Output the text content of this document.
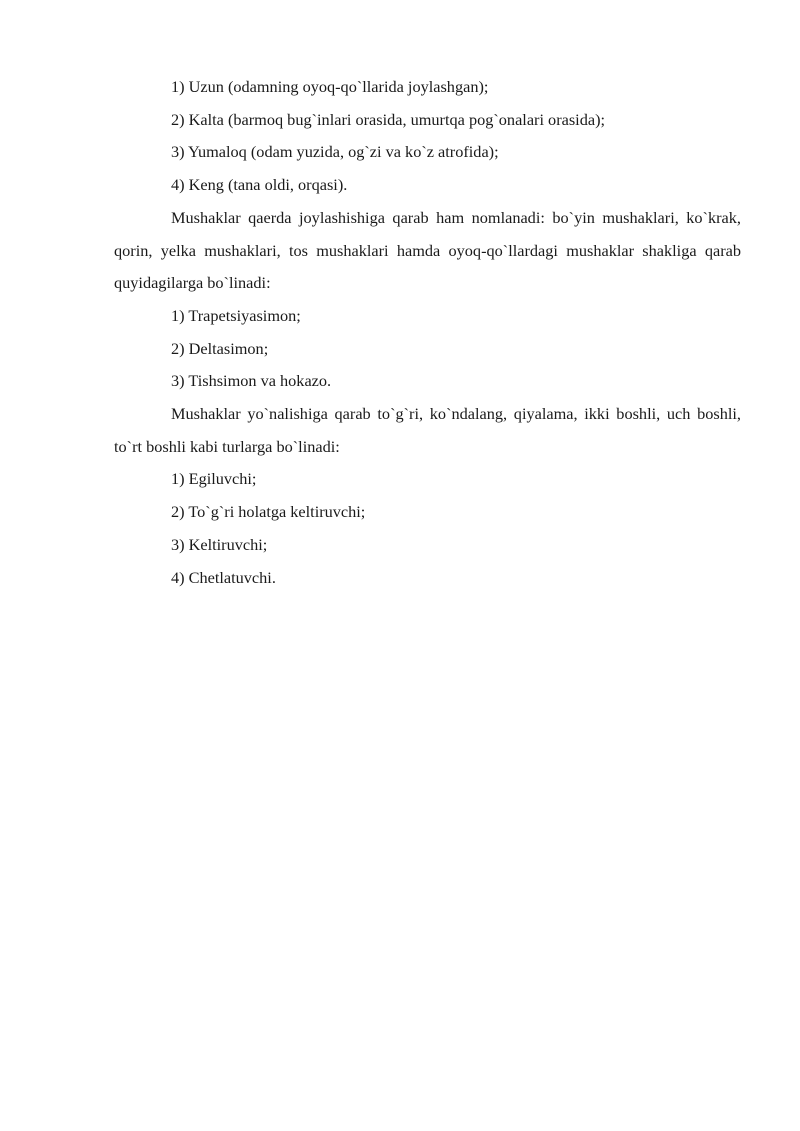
1) Uzun (odamning oyoq-qo`llarida joylashgan);

2) Kalta (barmoq bug`inlari orasida, umurtqa pog`onalari orasida);

3) Yumaloq (odam yuzida, og`zi va ko`z atrofida);

4) Keng (tana oldi, orqasi).

Mushaklar qaerda joylashishiga qarab ham nomlanadi: bo`yin mushaklari, ko`krak, qorin, yelka mushaklari, tos mushaklari hamda oyoq-qo`llardagi mushaklar shakliga qarab quyidagilarga bo`linadi:

1) Trapetsiyasimon;

2) Deltasimon;

3) Tishsimon va hokazo.

Mushaklar yo`nalishiga qarab to`g`ri, ko`ndalang, qiyalama, ikki boshli, uch boshli, to`rt boshli kabi turlarga bo`linadi:

1) Egiluvchi;

2) To`g`ri holatga keltiruvchi;

3) Keltiruvchi;

4) Chetlatuvchi.
